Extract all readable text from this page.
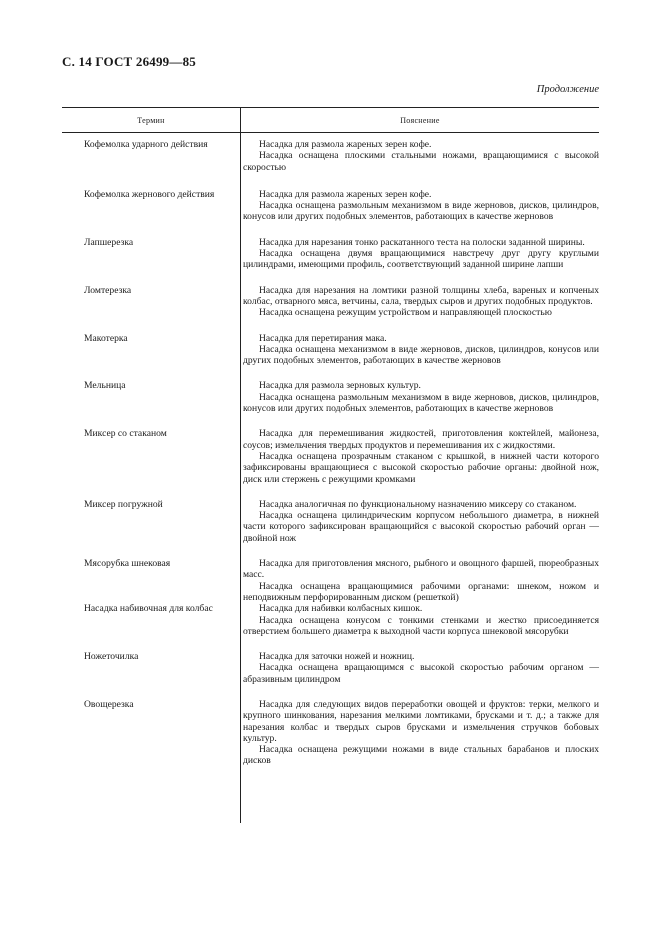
С. 14 ГОСТ 26499—85
Продолжение
Термин	Пояснение
Кофемолка ударного действия	Насадка для размола жареных зерен кофе.

Насадка оснащена плоскими стальными ножами, вращающимися с высокой скоростью

Кофемолка жернового действия	Насадка для размола жареных зерен кофе.

Насадка оснащена размольным механизмом в виде жерновов, дисков, цилиндров, конусов или других подобных элементов, работающих в качестве жерновов

Лапшерезка	Насадка для нарезания тонко раскатанного теста на полоски заданной ширины.

Насадка оснащена двумя вращающимися навстречу друг другу круглыми цилиндрами, имеющими профиль, соответствующий заданной ширине лапши

Ломтерезка	Насадка для нарезания на ломтики разной толщины хлеба, вареных и копченых колбас, отварного мяса, ветчины, сала, твердых сыров и других подобных продуктов.

Насадка оснащена режущим устройством и направляющей плоскостью

Макотерка	Насадка для перетирания мака.

Насадка оснащена механизмом в виде жерновов, дисков, цилиндров, конусов или других подобных элементов, работающих в качестве жерновов

Мельница	Насадка для размола зерновых культур.

Насадка оснащена размольным механизмом в виде жерновов, дисков, цилиндров, конусов или других подобных элементов, работающих в качестве жерновов

Миксер со стаканом	Насадка для перемешивания жидкостей, приготовления коктейлей, майонеза, соусов; измельчения твердых продуктов и перемешивания их с жидкостями.

Насадка оснащена прозрачным стаканом с крышкой, в нижней части которого зафиксированы вращающиеся с высокой скоростью рабочие органы: двойной нож, диск или стержень с режущими кромками

Миксер погружной	Насадка аналогичная по функциональному назначению миксеру со стаканом.

Насадка оснащена цилиндрическим корпусом небольшого диаметра, в нижней части которого зафиксирован вращающийся с высокой скоростью рабочий орган — двойной нож

Мясорубка шнековая	Насадка для приготовления мясного, рыбного и овощного фаршей, пюреобразных масс.

Насадка оснащена вращающимися рабочими органами: шнеком, ножом и неподвижным перфорированным диском (решеткой)

Насадка набивочная для колбас	Насадка для набивки колбасных кишок.

Насадка оснащена конусом с тонкими стенками и жестко присоединяется отверстием большего диаметра к выходной части корпуса шнековой мясорубки

Ножеточилка	Насадка для заточки ножей и ножниц.

Насадка оснащена вращающимся с высокой скоростью рабочим органом — абразивным цилиндром

Овощерезка	Насадка для следующих видов переработки овощей и фруктов: терки, мелкого и крупного шинкования, нарезания мелкими ломтиками, брусками и т. д.; а также для нарезания колбас и твердых сыров брусками и измельчения стручков бобовых культур.

Насадка оснащена режущими ножами в виде стальных барабанов и плоских дисков
